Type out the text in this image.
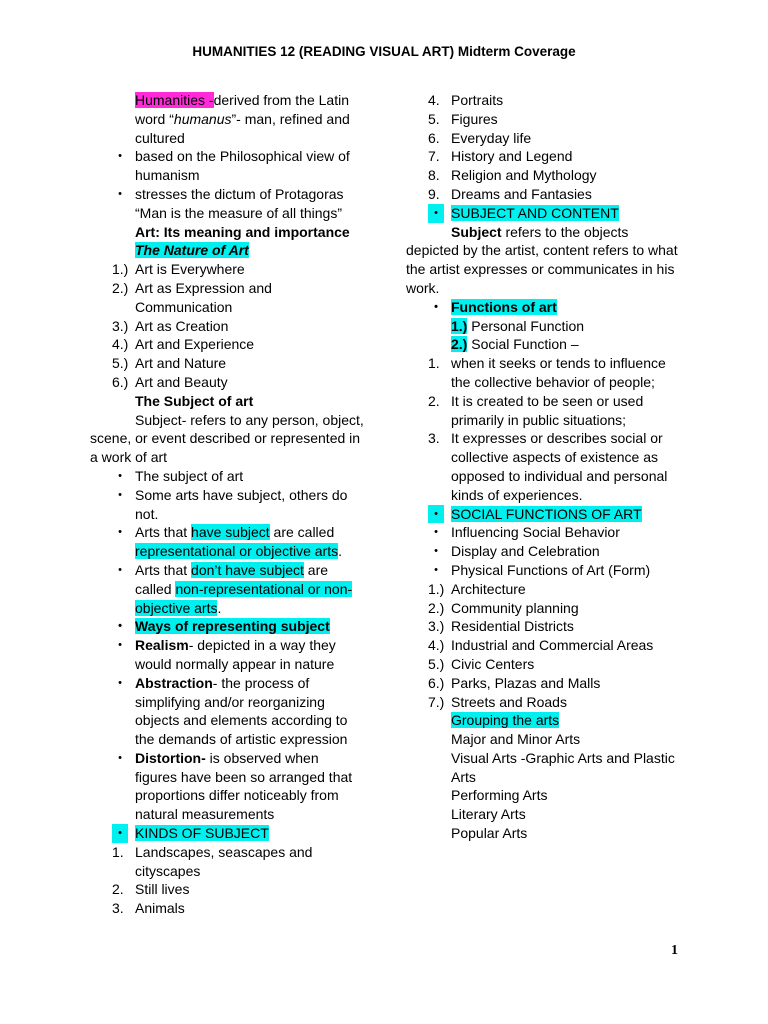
HUMANITIES 12 (READING VISUAL ART) Midterm Coverage
Humanities -derived from the Latin
word “humanus”- man, refined and
cultured
• based on the Philosophical view of
humanism
• stresses the dictum of Protagoras
“Man is the measure of all things”
Art: Its meaning and importance
The Nature of Art
1.) Art is Everywhere
2.) Art as Expression and
Communication
3.) Art as Creation
4.) Art and Experience
5.) Art and Nature
6.) Art and Beauty
The Subject of art
Subject- refers to any person, object,
scene, or event described or represented in
a work of art
• The subject of art
• Some arts have subject, others do
not.
• Arts that have subject are called
representational or objective arts.
• Arts that don’t have subject are
called non-representational or non-
objective arts.
• Ways of representing subject
• Realism- depicted in a way they
would normally appear in nature
• Abstraction- the process of
simplifying and/or reorganizing
objects and elements according to
the demands of artistic expression
• Distortion- is observed when
figures have been so arranged that
proportions differ noticeably from
natural measurements
• KINDS OF SUBJECT
1. Landscapes, seascapes and
cityscapes
2. Still lives
3. Animals
4. Portraits
5. Figures
6. Everyday life
7. History and Legend
8. Religion and Mythology
9. Dreams and Fantasies
• SUBJECT AND CONTENT
Subject refers to the objects
depicted by the artist, content refers to what
the artist expresses or communicates in his
work.
• Functions of art
1.) Personal Function
2.) Social Function –
1. when it seeks or tends to influence
the collective behavior of people;
2. It is created to be seen or used
primarily in public situations;
3. It expresses or describes social or
collective aspects of existence as
opposed to individual and personal
kinds of experiences.
• SOCIAL FUNCTIONS OF ART
• Influencing Social Behavior
• Display and Celebration
• Physical Functions of Art (Form)
1.) Architecture
2.) Community planning
3.) Residential Districts
4.) Industrial and Commercial Areas
5.) Civic Centers
6.) Parks, Plazas and Malls
7.) Streets and Roads
Grouping the arts
Major and Minor Arts
Visual Arts -Graphic Arts and Plastic
Arts
Performing Arts
Literary Arts
Popular Arts
1
